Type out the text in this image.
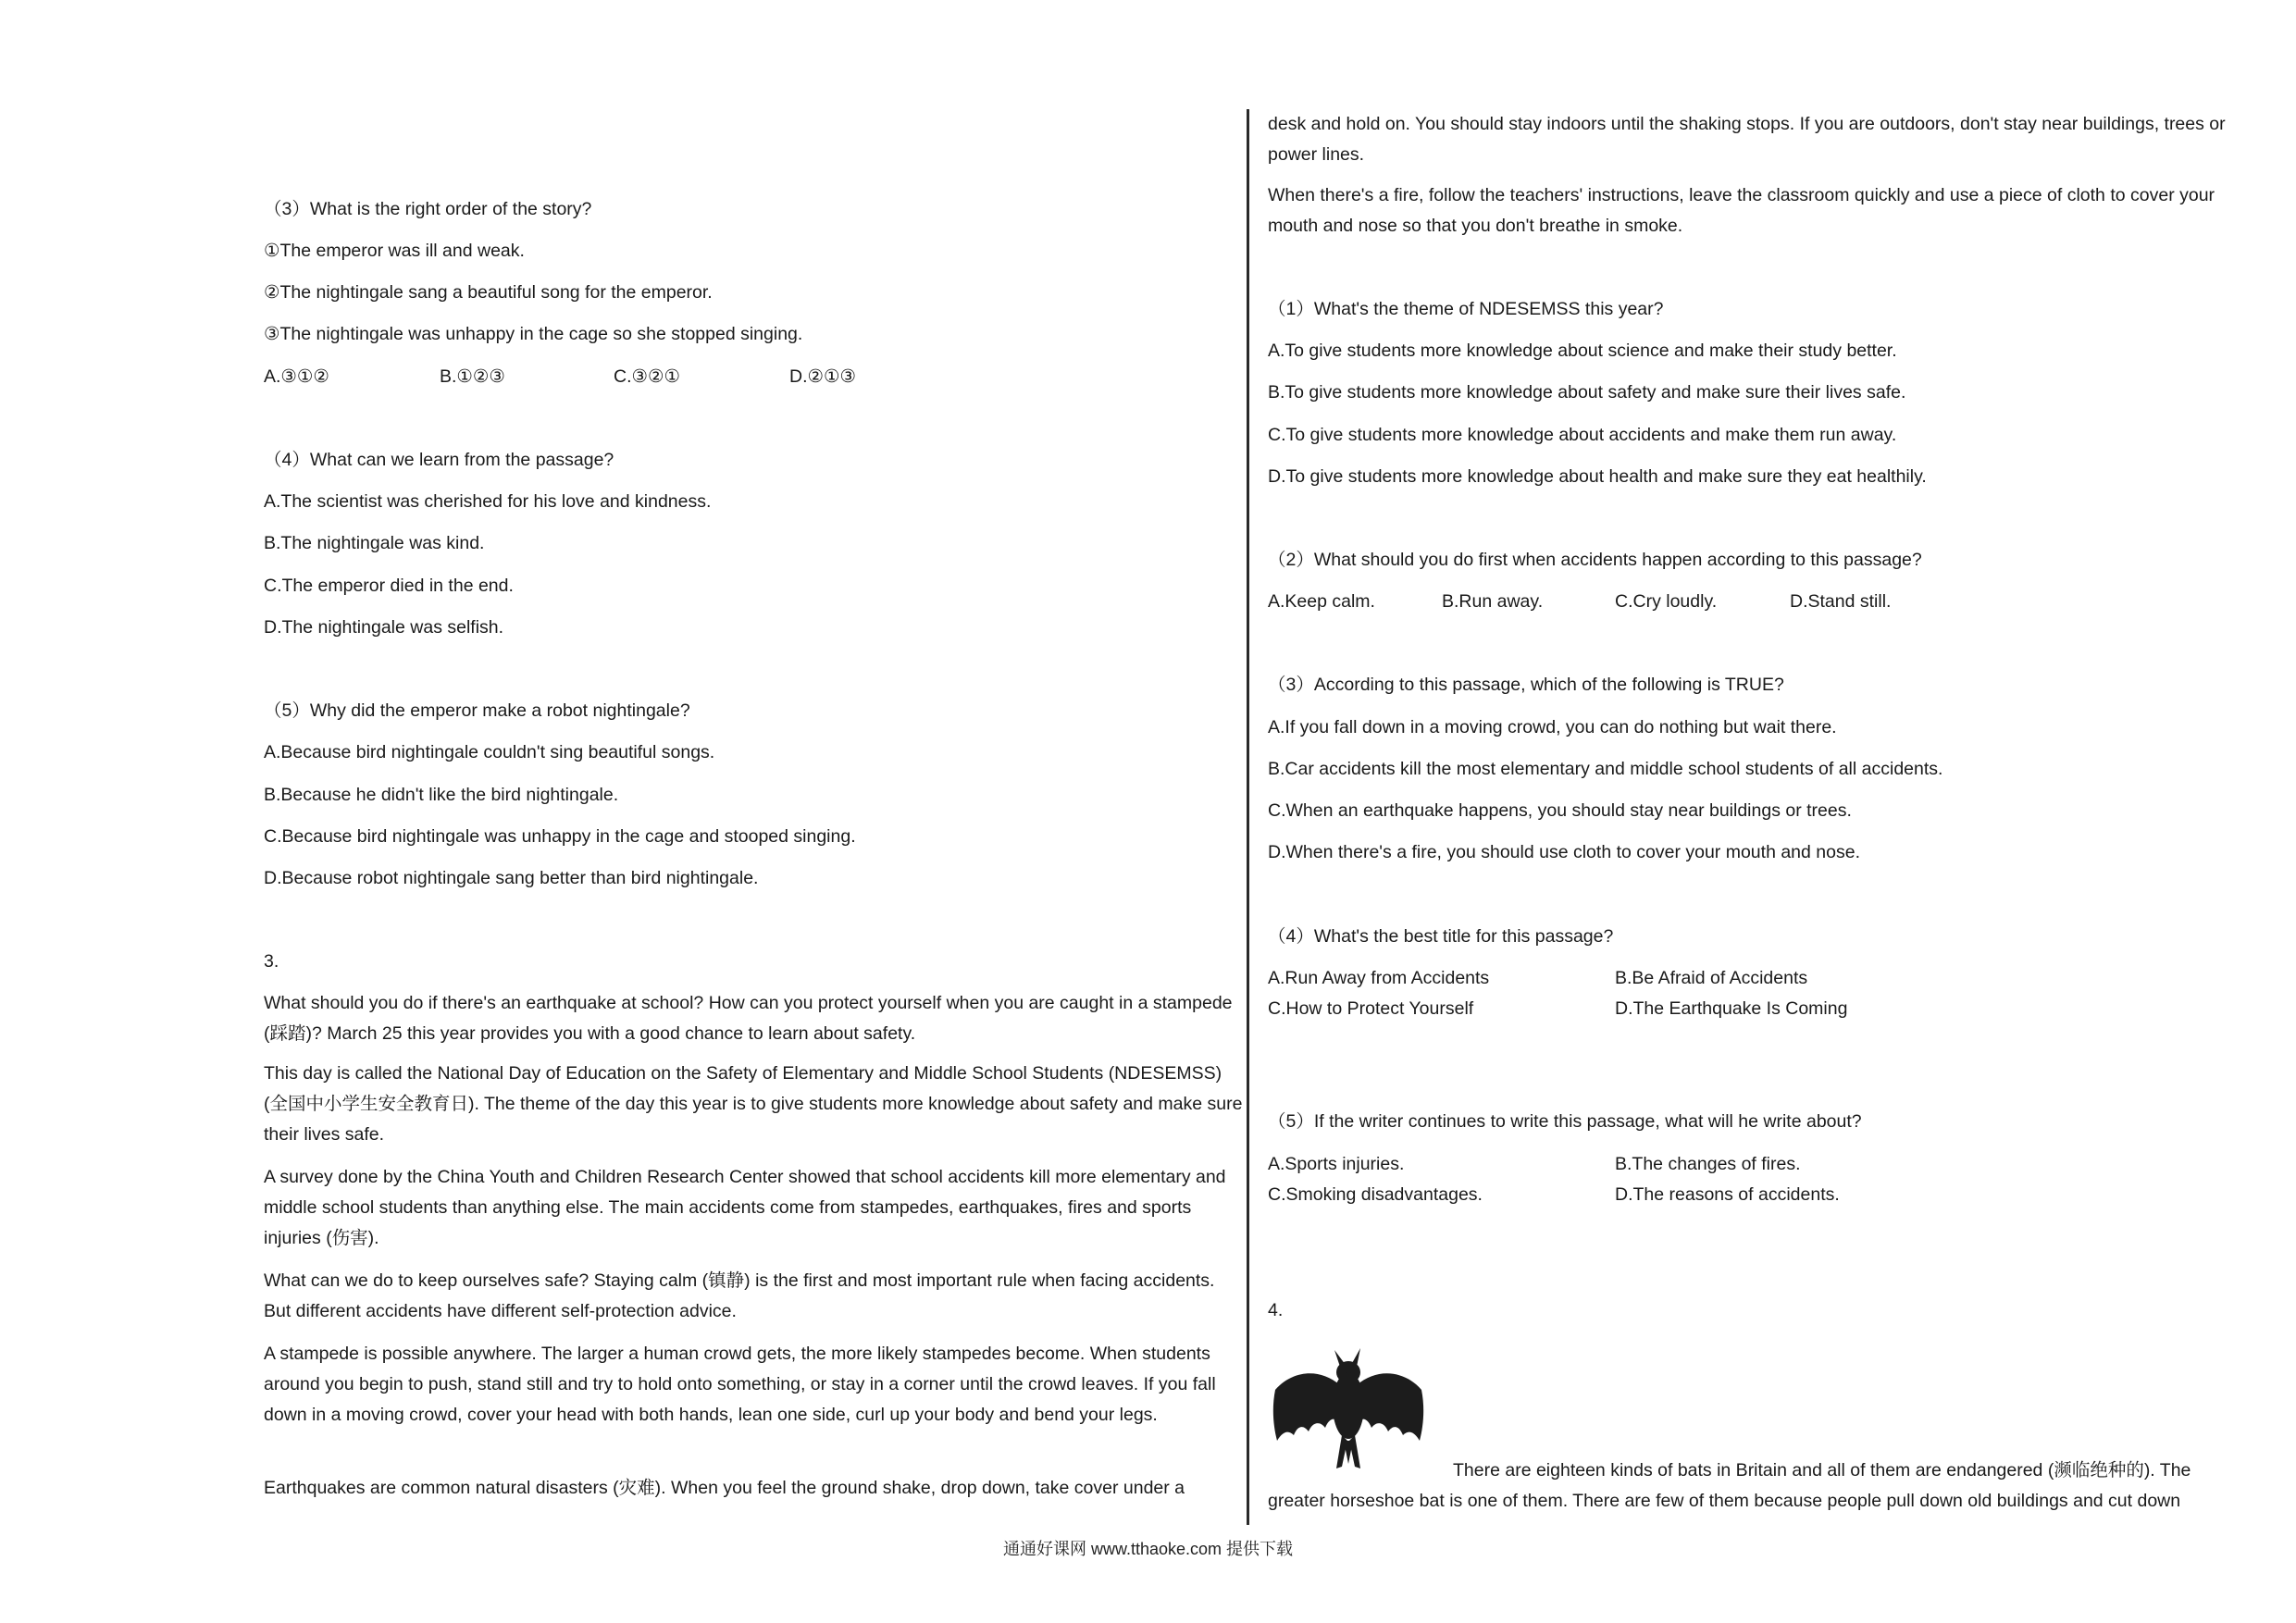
（3）What is the right order of the story?
①The emperor was ill and weak.
②The nightingale sang a beautiful song for the emperor.
③The nightingale was unhappy in the cage so she stopped singing.
A.③①②	B.①②③	C.③②①	D.②①③
（4）What can we learn from the passage?
A.The scientist was cherished for his love and kindness.
B.The nightingale was kind.
C.The emperor died in the end.
D.The nightingale was selfish.
（5）Why did the emperor make a robot nightingale?
A.Because bird nightingale couldn't sing beautiful songs.
B.Because he didn't like the bird nightingale.
C.Because bird nightingale was unhappy in the cage and stooped singing.
D.Because robot nightingale sang better than bird nightingale.
3.
What should you do if there's an earthquake at school? How can you protect yourself when you are caught in a stampede (踩踏)? March 25 this year provides you with a good chance to learn about safety.
This day is called the National Day of Education on the Safety of Elementary and Middle School Students (NDESEMSS) (全国中小学生安全教育日). The theme of the day this year is to give students more knowledge about safety and make sure their lives safe.
A survey done by the China Youth and Children Research Center showed that school accidents kill more elementary and middle school students than anything else. The main accidents come from stampedes, earthquakes, fires and sports injuries (伤害).
What can we do to keep ourselves safe? Staying calm (镇静) is the first and most important rule when facing accidents. But different accidents have different self-protection advice.
A stampede is possible anywhere. The larger a human crowd gets, the more likely stampedes become. When students around you begin to push, stand still and try to hold onto something, or stay in a corner until the crowd leaves. If you fall down in a moving crowd, cover your head with both hands, lean one side, curl up your body and bend your legs.
Earthquakes are common natural disasters (灾难). When you feel the ground shake, drop down, take cover under a
desk and hold on. You should stay indoors until the shaking stops. If you are outdoors, don't stay near buildings, trees or power lines.
When there's a fire, follow the teachers' instructions, leave the classroom quickly and use a piece of cloth to cover your mouth and nose so that you don't breathe in smoke.
（1）What's the theme of NDESEMSS this year?
A.To give students more knowledge about science and make their study better.
B.To give students more knowledge about safety and make sure their lives safe.
C.To give students more knowledge about accidents and make them run away.
D.To give students more knowledge about health and make sure they eat healthily.
（2）What should you do first when accidents happen according to this passage?
A.Keep calm.	B.Run away.	C.Cry loudly.	D.Stand still.
（3）According to this passage, which of the following is TRUE?
A.If you fall down in a moving crowd, you can do nothing but wait there.
B.Car accidents kill the most elementary and middle school students of all accidents.
C.When an earthquake happens, you should stay near buildings or trees.
D.When there's a fire, you should use cloth to cover your mouth and nose.
（4）What's the best title for this passage?
A.Run Away from Accidents	B.Be Afraid of Accidents
C.How to Protect Yourself	D.The Earthquake Is Coming
（5）If the writer continues to write this passage, what will he write about?
A.Sports injuries.	B.The changes of fires.
C.Smoking disadvantages.	D.The reasons of accidents.
4.
There are eighteen kinds of bats in Britain and all of them are endangered (濒临绝种的). The
greater horseshoe bat is one of them. There are few of them because people pull down old buildings and cut down
通通好课网 www.tthaoke.com 提供下载
